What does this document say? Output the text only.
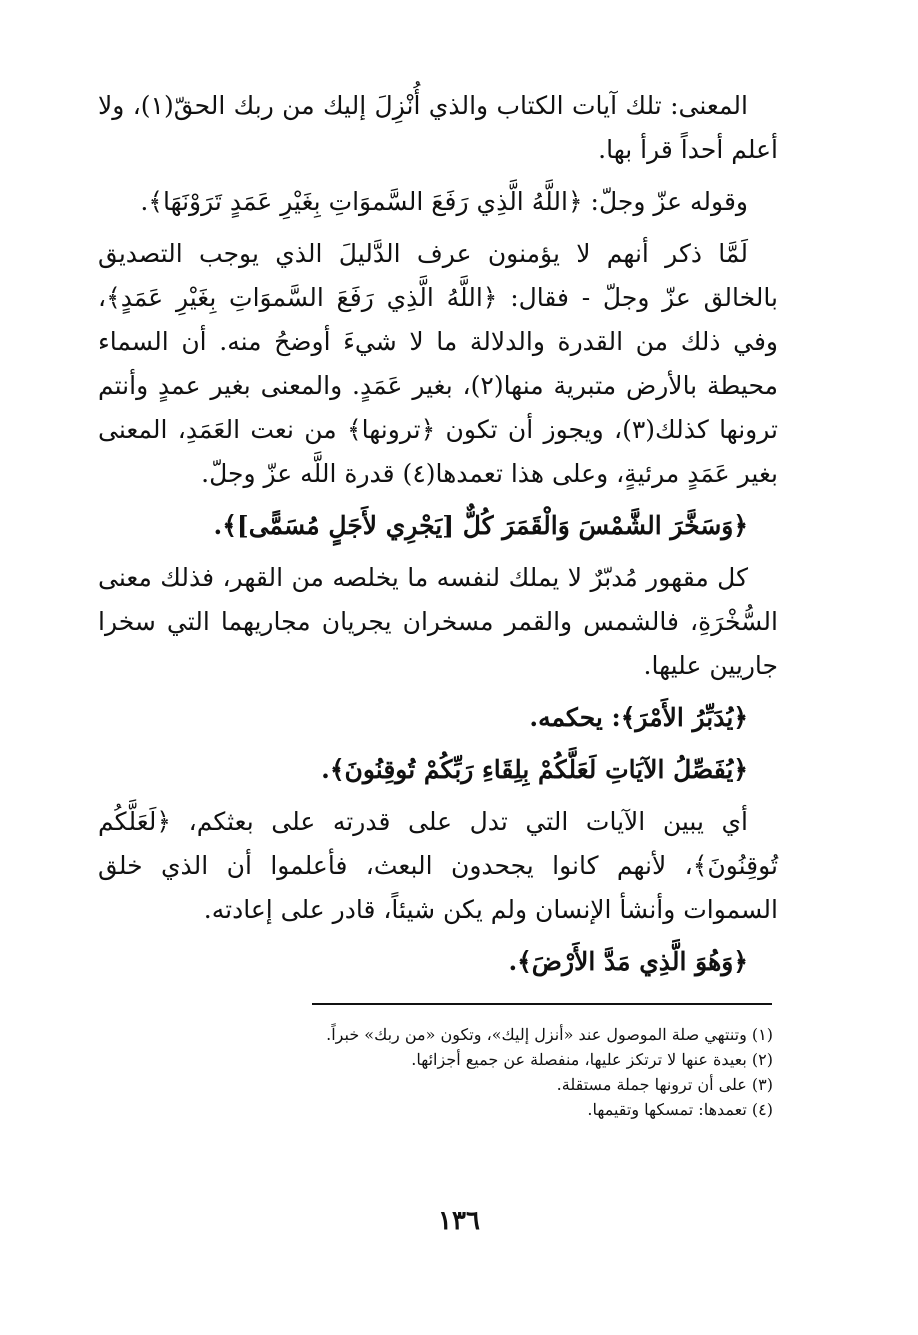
المعنى: تلك آيات الكتاب والذي أُنْزِلَ إليك من ربك الحقّ(١)، ولا أعلم أحداً قرأ بها.

وقوله عزّ وجلّ: ﴿اللَّهُ الَّذِي رَفَعَ السَّموَاتِ بِغَيْرِ عَمَدٍ تَرَوْنَهَا﴾.

لَمَّا ذكر أنهم لا يؤمنون عرف الدَّليلَ الذي يوجب التصديق بالخالق عزّ وجلّ - فقال: ﴿اللَّهُ الَّذِي رَفَعَ السَّموَاتِ بِغَيْرِ عَمَدٍ﴾، وفي ذلك من القدرة والدلالة ما لا شيءَ أوضحُ منه. أن السماء محيطة بالأرض متبرية منها(٢)، بغير عَمَدٍ. والمعنى بغير عمدٍ وأنتم ترونها كذلك(٣)، ويجوز أن تكون ﴿ترونها﴾ من نعت العَمَدِ، المعنى بغير عَمَدٍ مرئيةٍ، وعلى هذا تعمدها(٤) قدرة اللَّه عزّ وجلّ.

﴿وَسَخَّرَ الشَّمْسَ وَالْقَمَرَ كُلٌّ [يَجْرِي لأَجَلٍ مُسَمًّى]﴾.

كل مقهور مُدبّرٌ لا يملك لنفسه ما يخلصه من القهر، فذلك معنى السُّخْرَةِ، فالشمس والقمر مسخران يجريان مجاريهما التي سخرا جاريين عليها.

﴿يُدَبِّرُ الأَمْرَ﴾: يحكمه.

﴿يُفَصِّلُ الآيَاتِ لَعَلَّكُمْ بِلِقَاءِ رَبِّكُمْ تُوقِنُونَ﴾.

أي يبين الآيات التي تدل على قدرته على بعثكم، ﴿لَعَلَّكُم تُوقِنُونَ﴾، لأنهم كانوا يجحدون البعث، فأعلموا أن الذي خلق السموات وأنشأ الإنسان ولم يكن شيئاً، قادر على إعادته.

﴿وَهُوَ الَّذِي مَدَّ الأَرْضَ﴾.

(١) وتنتهي صلة الموصول عند «أنزل إليك»، وتكون «من ربك» خبراً.

(٢) بعيدة عنها لا ترتكز عليها، منفصلة عن جميع أجزائها.

(٣) على أن ترونها جملة مستقلة.

(٤) تعمدها: تمسكها وتقيمها.

١٣٦
